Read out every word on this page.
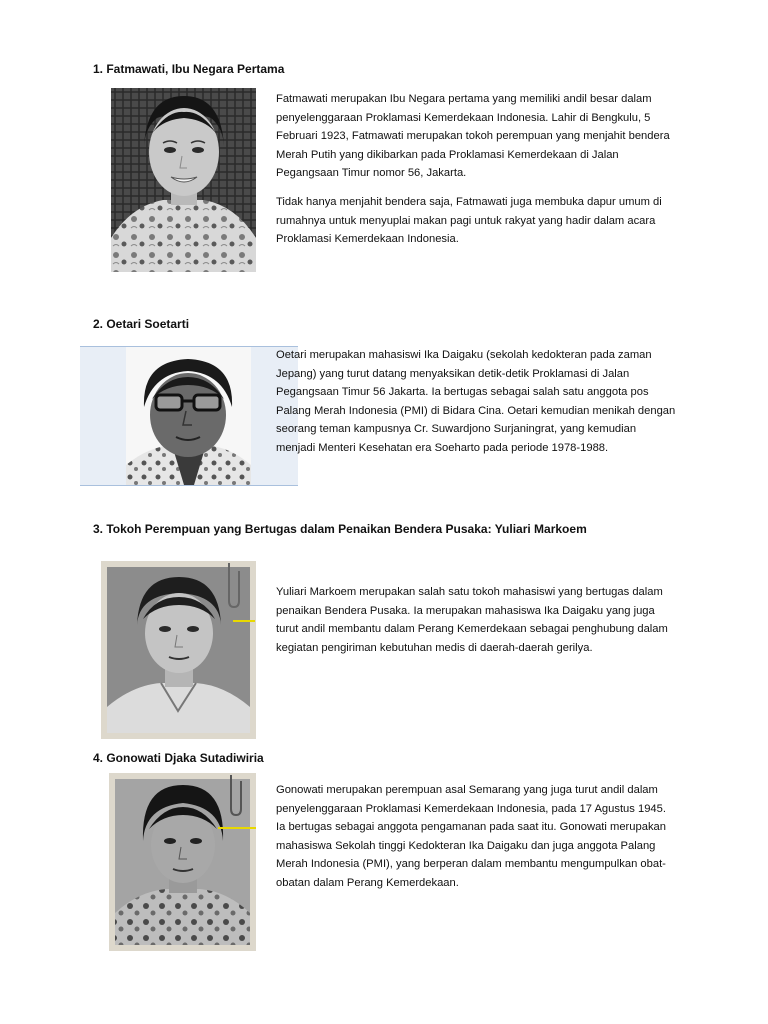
1. Fatmawati, Ibu Negara Pertama

Fatmawati merupakan Ibu Negara pertama yang memiliki andil besar dalam penyelenggaraan Proklamasi Kemerdekaan Indonesia. Lahir di Bengkulu, 5 Februari 1923, Fatmawati merupakan tokoh perempuan yang menjahit bendera Merah Putih yang dikibarkan pada Proklamasi Kemerdekaan di Jalan Pegangsaan Timur nomor 56, Jakarta.

Tidak hanya menjahit bendera saja, Fatmawati juga membuka dapur umum di rumahnya untuk menyuplai makan pagi untuk rakyat yang hadir dalam acara Proklamasi Kemerdekaan Indonesia.

2. Oetari Soetarti

Oetari merupakan mahasiswi Ika Daigaku (sekolah kedokteran pada zaman Jepang) yang turut datang menyaksikan detik-detik Proklamasi di Jalan Pegangsaan Timur 56 Jakarta. Ia bertugas sebagai salah satu anggota pos Palang Merah Indonesia (PMI) di Bidara Cina. Oetari kemudian menikah dengan seorang teman kampusnya Cr. Suwardjono Surjaningrat, yang kemudian menjadi Menteri Kesehatan era Soeharto pada periode 1978-1988.

3. Tokoh Perempuan yang Bertugas dalam Penaikan Bendera Pusaka: Yuliari Markoem

Yuliari Markoem merupakan salah satu tokoh mahasiswi yang bertugas dalam penaikan Bendera Pusaka. Ia merupakan mahasiswa Ika Daigaku yang juga turut andil membantu dalam Perang Kemerdekaan sebagai penghubung dalam kegiatan pengiriman kebutuhan medis di daerah-daerah gerilya.

4. Gonowati Djaka Sutadiwiria

Gonowati merupakan perempuan asal Semarang yang juga turut andil dalam penyelenggaraan Proklamasi Kemerdekaan Indonesia, pada 17 Agustus 1945. Ia bertugas sebagai anggota pengamanan pada saat itu. Gonowati merupakan mahasiswa Sekolah tinggi Kedokteran Ika Daigaku dan juga anggota Palang Merah Indonesia (PMI), yang berperan dalam membantu mengumpulkan obat-obatan dalam Perang Kemerdekaan.
